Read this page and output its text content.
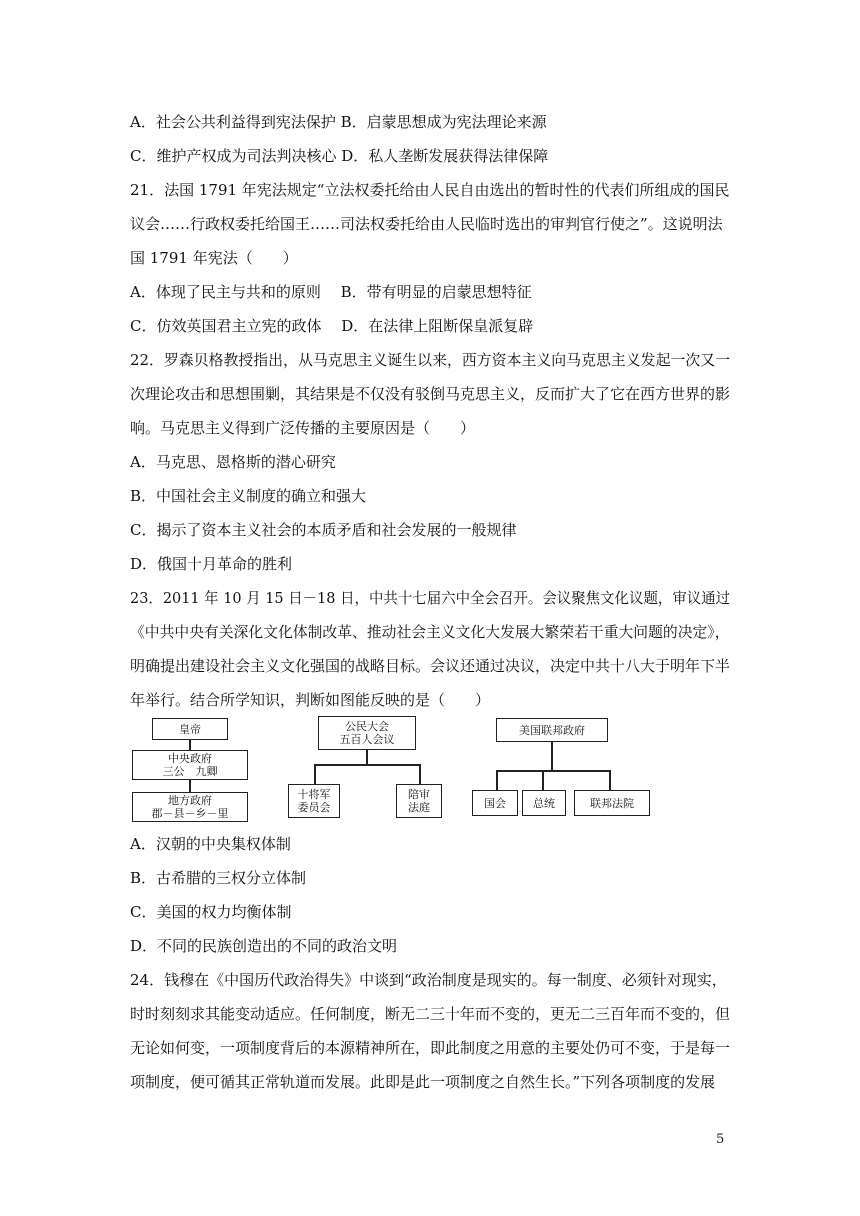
A．社会公共利益得到宪法保护 B．启蒙思想成为宪法理论来源

C．维护产权成为司法判决核心 D．私人垄断发展获得法律保障

21．法国 1791 年宪法规定“立法权委托给由人民自由选出的暂时性的代表们所组成的国民

议会……行政权委托给国王……司法权委托给由人民临时选出的审判官行使之”。这说明法

国 1791 年宪法（　　）

A．体现了民主与共和的原则　 B．带有明显的启蒙思想特征

C．仿效英国君主立宪的政体　 D．在法律上阻断保皇派复辟

22．罗森贝格教授指出，从马克思主义诞生以来，西方资本主义向马克思主义发起一次又一

次理论攻击和思想围剿，其结果是不仅没有驳倒马克思主义，反而扩大了它在西方世界的影

响。马克思主义得到广泛传播的主要原因是（　　）

A．马克思、恩格斯的潜心研究

B．中国社会主义制度的确立和强大

C．揭示了资本主义社会的本质矛盾和社会发展的一般规律

D．俄国十月革命的胜利

23．2011 年 10 月 15 日－18 日，中共十七届六中全会召开。会议聚焦文化议题，审议通过

《中共中央有关深化文化体制改革、推动社会主义文化大发展大繁荣若干重大问题的决定》，

明确提出建设社会主义文化强国的战略目标。会议还通过决议，决定中共十八大于明年下半

年举行。结合所学知识，判断如图能反映的是（　　）

皇帝
中央政府
三公　九卿
地方政府
郡－县－乡－里
公民大会
五百人会议
十将军
委员会
陪审
法庭
美国联邦政府
国会 总统	联邦法院

A．汉朝的中央集权体制

B．古希腊的三权分立体制

C．美国的权力均衡体制

D．不同的民族创造出的不同的政治文明

24．钱穆在《中国历代政治得失》中谈到“政治制度是现实的。每一制度、必须针对现实，

时时刻刻求其能变动适应。任何制度，断无二三十年而不变的，更无二三百年而不变的，但

无论如何变，一项制度背后的本源精神所在，即此制度之用意的主要处仍可不变，于是每一

项制度，便可循其正常轨道而发展。此即是此一项制度之自然生长。”下列各项制度的发展

5
